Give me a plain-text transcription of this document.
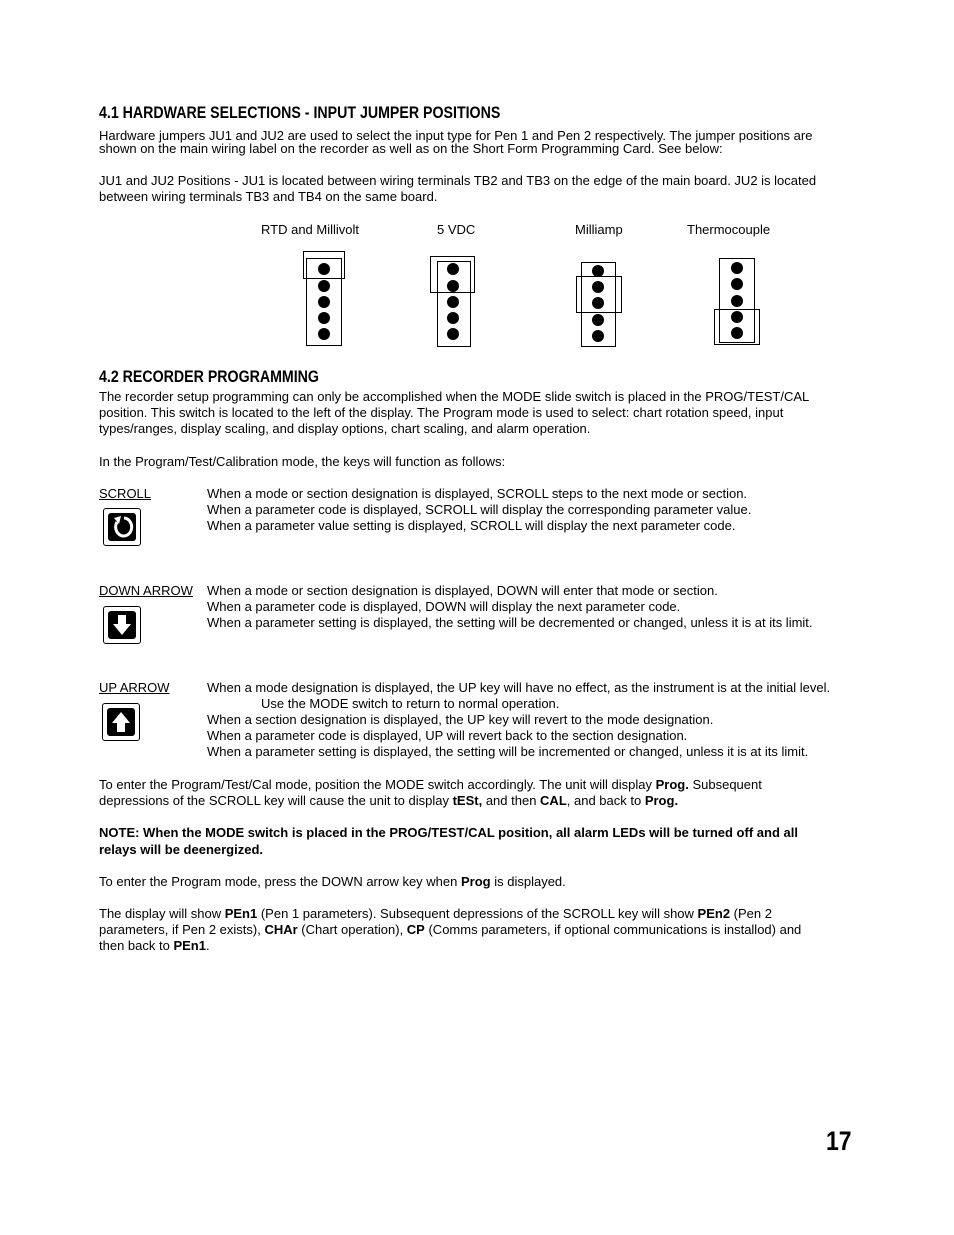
4.1 HARDWARE SELECTIONS - INPUT JUMPER POSITIONS
Hardware jumpers JU1 and JU2 are used to select the input type for Pen 1 and Pen 2 respectively. The jumper positions are
shown on the main wiring label on the recorder as well as on the Short Form Programming Card. See below:
JU1 and JU2 Positions - JU1 is located between wiring terminals TB2 and TB3 on the edge of the main board. JU2 is located
between wiring terminals TB3 and TB4 on the same board.
RTD and Millivolt	5 VDC	Milliamp	Thermocouple
4.2 RECORDER PROGRAMMING
The recorder setup programming can only be accomplished when the MODE slide switch is placed in the PROG/TEST/CAL
position. This switch is located to the left of the display. The Program mode is used to select: chart rotation speed, input
types/ranges, display scaling, and display options, chart scaling, and alarm operation.
In the Program/Test/Calibration mode, the keys will function as follows:
SCROLL	When a mode or section designation is displayed, SCROLL steps to the next mode or section.
When a parameter code is displayed, SCROLL will display the corresponding parameter value.
When a parameter value setting is displayed, SCROLL will display the next parameter code.
DOWN ARROW When a mode or section designation is displayed, DOWN will enter that mode or section.
When a parameter code is displayed, DOWN will display the next parameter code.
When a parameter setting is displayed, the setting will be decremented or changed, unless it is at its limit.
UP ARROW	When a mode designation is displayed, the UP key will have no effect, as the instrument is at the initial level.
Use the MODE switch to return to normal operation.
When a section designation is displayed, the UP key will revert to the mode designation.
When a parameter code is displayed, UP will revert back to the section designation.
When a parameter setting is displayed, the setting will be incremented or changed, unless it is at its limit.
To enter the Program/Test/Cal mode, position the MODE switch accordingly. The unit will display Prog. Subsequent
depressions of the SCROLL key will cause the unit to display tESt, and then CAL, and back to Prog.
NOTE: When the MODE switch is placed in the PROG/TEST/CAL position, all alarm LEDs will be turned off and all
relays will be deenergized.
To enter the Program mode, press the DOWN arrow key when Prog is displayed.
The display will show PEn1 (Pen 1 parameters). Subsequent depressions of the SCROLL key will show PEn2 (Pen 2
parameters, if Pen 2 exists), CHAr (Chart operation), CP (Comms parameters, if optional communications is installod) and
then back to PEn1.
17
